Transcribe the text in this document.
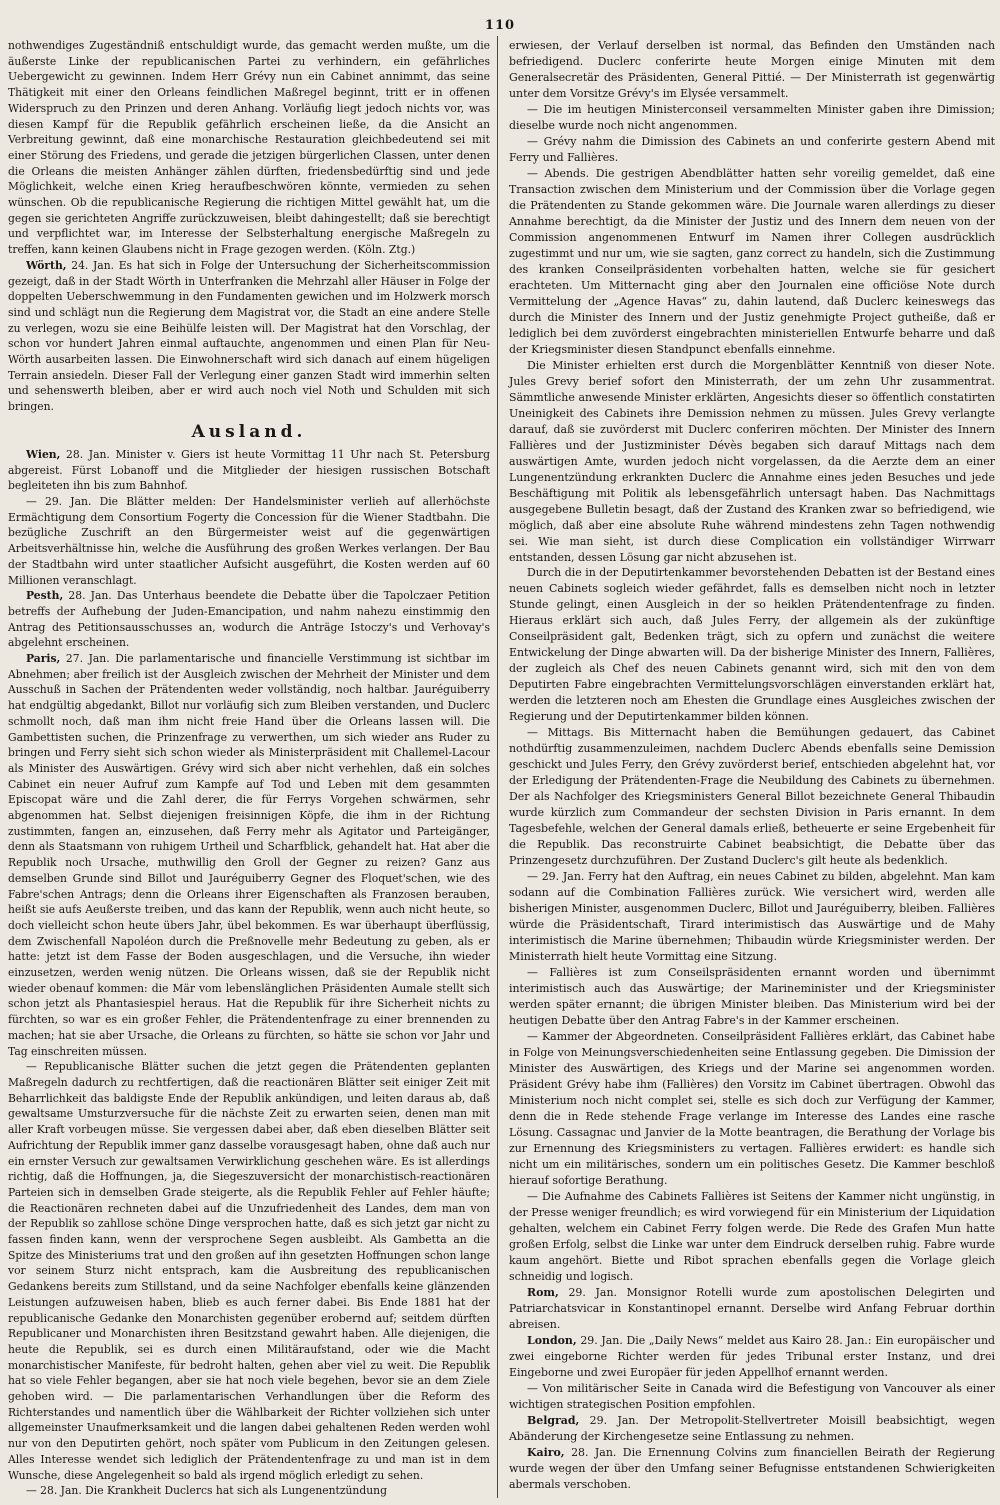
110

nothwendiges Zugeständniß entschuldigt wurde, das gemacht werden mußte, um die äußerste Linke der republicanischen Partei zu verhindern, ein gefährliches Uebergewicht zu gewinnen. Indem Herr Grévy nun ein Cabinet annimmt, das seine Thätigkeit mit einer den Orleans feindlichen Maßregel beginnt, tritt er in offenen Widerspruch zu den Prinzen und deren Anhang. Vorläufig liegt jedoch nichts vor, was diesen Kampf für die Republik gefährlich erscheinen ließe, da die Ansicht an Verbreitung gewinnt, daß eine monarchische Restauration gleichbedeutend sei mit einer Störung des Friedens, und gerade die jetzigen bürgerlichen Classen, unter denen die Orleans die meisten Anhänger zählen dürften, friedensbedürftig sind und jede Möglichkeit, welche einen Krieg heraufbeschwören könnte, vermieden zu sehen wünschen. Ob die republicanische Regierung die richtigen Mittel gewählt hat, um die gegen sie gerichteten Angriffe zurückzuweisen, bleibt dahingestellt; daß sie berechtigt und verpflichtet war, im Interesse der Selbsterhaltung energische Maßregeln zu treffen, kann keinen Glaubens nicht in Frage gezogen werden. (Köln. Ztg.)

Wörth, 24. Jan. Es hat sich in Folge der Untersuchung der Sicherheitscommission gezeigt, daß in der Stadt Wörth in Unterfranken die Mehrzahl aller Häuser in Folge der doppelten Ueberschwemmung in den Fundamenten gewichen und im Holzwerk morsch sind und schlägt nun die Regierung dem Magistrat vor, die Stadt an eine andere Stelle zu verlegen, wozu sie eine Beihülfe leisten will. Der Magistrat hat den Vorschlag, der schon vor hundert Jahren einmal auftauchte, angenommen und einen Plan für Neu-Wörth ausarbeiten lassen. Die Einwohnerschaft wird sich danach auf einem hügeligen Terrain ansiedeln. Dieser Fall der Verlegung einer ganzen Stadt wird immerhin selten und sehenswerth bleiben, aber er wird auch noch viel Noth und Schulden mit sich bringen.

Ausland.

Wien, 28. Jan. Minister v. Giers ist heute Vormittag 11 Uhr nach St. Petersburg abgereist. Fürst Lobanoff und die Mitglieder der hiesigen russischen Botschaft begleiteten ihn bis zum Bahnhof.

— 29. Jan. Die Blätter melden: Der Handelsminister verlieh auf allerhöchste Ermächtigung dem Consortium Fogerty die Concession für die Wiener Stadtbahn. Die bezügliche Zuschrift an den Bürgermeister weist auf die gegenwärtigen Arbeitsverhältnisse hin, welche die Ausführung des großen Werkes verlangen. Der Bau der Stadtbahn wird unter staatlicher Aufsicht ausgeführt, die Kosten werden auf 60 Millionen veranschlagt.

Pesth, 28. Jan. Das Unterhaus beendete die Debatte über die Tapolczaer Petition betreffs der Aufhebung der Juden-Emancipation, und nahm nahezu einstimmig den Antrag des Petitionsausschusses an, wodurch die Anträge Istoczy's und Verhovay's abgelehnt erscheinen.

Paris, 27. Jan. Die parlamentarische und financielle Verstimmung ist sichtbar im Abnehmen; aber freilich ist der Ausgleich zwischen der Mehrheit der Minister und dem Ausschuß in Sachen der Prätendenten weder vollständig, noch haltbar. Jauréguiberry hat endgültig abgedankt, Billot nur vorläufig sich zum Bleiben verstanden, und Duclerc schmollt noch, daß man ihm nicht freie Hand über die Orleans lassen will. Die Gambettisten suchen, die Prinzenfrage zu verwerthen, um sich wieder ans Ruder zu bringen und Ferry sieht sich schon wieder als Ministerpräsident mit Challemel-Lacour als Minister des Auswärtigen. Grévy wird sich aber nicht verhehlen, daß ein solches Cabinet ein neuer Aufruf zum Kampfe auf Tod und Leben mit dem gesammten Episcopat wäre und die Zahl derer, die für Ferrys Vorgehen schwärmen, sehr abgenommen hat. Selbst diejenigen freisinnigen Köpfe, die ihm in der Richtung zustimmten, fangen an, einzusehen, daß Ferry mehr als Agitator und Parteigänger, denn als Staatsmann von ruhigem Urtheil und Scharfblick, gehandelt hat. Hat aber die Republik noch Ursache, muthwillig den Groll der Gegner zu reizen? Ganz aus demselben Grunde sind Billot und Jauréguiberry Gegner des Floquet'schen, wie des Fabre'schen Antrags; denn die Orleans ihrer Eigenschaften als Franzosen berauben, heißt sie aufs Aeußerste treiben, und das kann der Republik, wenn auch nicht heute, so doch vielleicht schon heute übers Jahr, übel bekommen. Es war überhaupt überflüssig, dem Zwischenfall Napoléon durch die Preßnovelle mehr Bedeutung zu geben, als er hatte: jetzt ist dem Fasse der Boden ausgeschlagen, und die Versuche, ihn wieder einzusetzen, werden wenig nützen. Die Orleans wissen, daß sie der Republik nicht wieder obenauf kommen: die Mär vom lebenslänglichen Präsidenten Aumale stellt sich schon jetzt als Phantasiespiel heraus. Hat die Republik für ihre Sicherheit nichts zu fürchten, so war es ein großer Fehler, die Prätendentenfrage zu einer brennenden zu machen; hat sie aber Ursache, die Orleans zu fürchten, so hätte sie schon vor Jahr und Tag einschreiten müssen.

— Republicanische Blätter suchen die jetzt gegen die Prätendenten geplanten Maßregeln dadurch zu rechtfertigen, daß die reactionären Blätter seit einiger Zeit mit Beharrlichkeit das baldigste Ende der Republik ankündigen, und leiten daraus ab, daß gewaltsame Umsturzversuche für die nächste Zeit zu erwarten seien, denen man mit aller Kraft vorbeugen müsse. Sie vergessen dabei aber, daß eben dieselben Blätter seit Aufrichtung der Republik immer ganz dasselbe vorausgesagt haben, ohne daß auch nur ein ernster Versuch zur gewaltsamen Verwirklichung geschehen wäre. Es ist allerdings richtig, daß die Hoffnungen, ja, die Siegeszuversicht der monarchistisch-reactionären Parteien sich in demselben Grade steigerte, als die Republik Fehler auf Fehler häufte; die Reactionären rechneten dabei auf die Unzufriedenheit des Landes, dem man von der Republik so zahllose schöne Dinge versprochen hatte, daß es sich jetzt gar nicht zu fassen finden kann, wenn der versprochene Segen ausbleibt. Als Gambetta an die Spitze des Ministeriums trat und den großen auf ihn gesetzten Hoffnungen schon lange vor seinem Sturz nicht entsprach, kam die Ausbreitung des republicanischen Gedankens bereits zum Stillstand, und da seine Nachfolger ebenfalls keine glänzenden Leistungen aufzuweisen haben, blieb es auch ferner dabei. Bis Ende 1881 hat der republicanische Gedanke den Monarchisten gegenüber erobernd auf; seitdem dürften Republicaner und Monarchisten ihren Besitzstand gewahrt haben. Alle diejenigen, die heute die Republik, sei es durch einen Militäraufstand, oder wie die Macht monarchistischer Manifeste, für bedroht halten, gehen aber viel zu weit. Die Republik hat so viele Fehler begangen, aber sie hat noch viele begehen, bevor sie an dem Ziele gehoben wird. — Die parlamentarischen Verhandlungen über die Reform des Richterstandes und namentlich über die Wählbarkeit der Richter vollziehen sich unter allgemeinster Unaufmerksamkeit und die langen dabei gehaltenen Reden werden wohl nur von den Deputirten gehört, noch später vom Publicum in den Zeitungen gelesen. Alles Interesse wendet sich lediglich der Prätendentenfrage zu und man ist in dem Wunsche, diese Angelegenheit so bald als irgend möglich erledigt zu sehen.

— 28. Jan. Die Krankheit Duclercs hat sich als Lungenentzündung

erwiesen, der Verlauf derselben ist normal, das Befinden den Umständen nach befriedigend. Duclerc conferirte heute Morgen einige Minuten mit dem Generalsecretär des Präsidenten, General Pittié. — Der Ministerrath ist gegenwärtig unter dem Vorsitze Grévy's im Elysée versammelt.

— Die im heutigen Ministerconseil versammelten Minister gaben ihre Dimission; dieselbe wurde noch nicht angenommen.

— Grévy nahm die Dimission des Cabinets an und conferirte gestern Abend mit Ferry und Fallières.

— Abends. Die gestrigen Abendblätter hatten sehr voreilig gemeldet, daß eine Transaction zwischen dem Ministerium und der Commission über die Vorlage gegen die Prätendenten zu Stande gekommen wäre. Die Journale waren allerdings zu dieser Annahme berechtigt, da die Minister der Justiz und des Innern dem neuen von der Commission angenommenen Entwurf im Namen ihrer Collegen ausdrücklich zugestimmt und nur um, wie sie sagten, ganz correct zu handeln, sich die Zustimmung des kranken Conseilpräsidenten vorbehalten hatten, welche sie für gesichert erachteten. Um Mitternacht ging aber den Journalen eine officiöse Note durch Vermittelung der „Agence Havas“ zu, dahin lautend, daß Duclerc keineswegs das durch die Minister des Innern und der Justiz genehmigte Project gutheiße, daß er lediglich bei dem zuvörderst eingebrachten ministeriellen Entwurfe beharre und daß der Kriegsminister diesen Standpunct ebenfalls einnehme.

Die Minister erhielten erst durch die Morgenblätter Kenntniß von dieser Note. Jules Grevy berief sofort den Ministerrath, der um zehn Uhr zusammentrat. Sämmtliche anwesende Minister erklärten, Angesichts dieser so öffentlich constatirten Uneinigkeit des Cabinets ihre Demission nehmen zu müssen. Jules Grevy verlangte darauf, daß sie zuvörderst mit Duclerc conferiren möchten. Der Minister des Innern Fallières und der Justizminister Dévès begaben sich darauf Mittags nach dem auswärtigen Amte, wurden jedoch nicht vorgelassen, da die Aerzte dem an einer Lungenentzündung erkrankten Duclerc die Annahme eines jeden Besuches und jede Beschäftigung mit Politik als lebensgefährlich untersagt haben. Das Nachmittags ausgegebene Bulletin besagt, daß der Zustand des Kranken zwar so befriedigend, wie möglich, daß aber eine absolute Ruhe während mindestens zehn Tagen nothwendig sei. Wie man sieht, ist durch diese Complication ein vollständiger Wirrwarr entstanden, dessen Lösung gar nicht abzusehen ist.

Durch die in der Deputirtenkammer bevorstehenden Debatten ist der Bestand eines neuen Cabinets sogleich wieder gefährdet, falls es demselben nicht noch in letzter Stunde gelingt, einen Ausgleich in der so heiklen Prätendentenfrage zu finden. Hieraus erklärt sich auch, daß Jules Ferry, der allgemein als der zukünftige Conseilpräsident galt, Bedenken trägt, sich zu opfern und zunächst die weitere Entwickelung der Dinge abwarten will. Da der bisherige Minister des Innern, Fallières, der zugleich als Chef des neuen Cabinets genannt wird, sich mit den von dem Deputirten Fabre eingebrachten Vermittelungsvorschlägen einverstanden erklärt hat, werden die letzteren noch am Ehesten die Grundlage eines Ausgleiches zwischen der Regierung und der Deputirtenkammer bilden können.

— Mittags. Bis Mitternacht haben die Bemühungen gedauert, das Cabinet nothdürftig zusammenzuleimen, nachdem Duclerc Abends ebenfalls seine Demission geschickt und Jules Ferry, den Grévy zuvörderst berief, entschieden abgelehnt hat, vor der Erledigung der Prätendenten-Frage die Neubildung des Cabinets zu übernehmen. Der als Nachfolger des Kriegsministers General Billot bezeichnete General Thibaudin wurde kürzlich zum Commandeur der sechsten Division in Paris ernannt. In dem Tagesbefehle, welchen der General damals erließ, betheuerte er seine Ergebenheit für die Republik. Das reconstruirte Cabinet beabsichtigt, die Debatte über das Prinzengesetz durchzuführen. Der Zustand Duclerc's gilt heute als bedenklich.

— 29. Jan. Ferry hat den Auftrag, ein neues Cabinet zu bilden, abgelehnt. Man kam sodann auf die Combination Fallières zurück. Wie versichert wird, werden alle bisherigen Minister, ausgenommen Duclerc, Billot und Jauréguiberry, bleiben. Fallières würde die Präsidentschaft, Tirard interimistisch das Auswärtige und de Mahy interimistisch die Marine übernehmen; Thibaudin würde Kriegsminister werden. Der Ministerrath hielt heute Vormittag eine Sitzung.

— Fallières ist zum Conseilspräsidenten ernannt worden und übernimmt interimistisch auch das Auswärtige; der Marineminister und der Kriegsminister werden später ernannt; die übrigen Minister bleiben. Das Ministerium wird bei der heutigen Debatte über den Antrag Fabre's in der Kammer erscheinen.

— Kammer der Abgeordneten. Conseilpräsident Fallières erklärt, das Cabinet habe in Folge von Meinungsverschiedenheiten seine Entlassung gegeben. Die Dimission der Minister des Auswärtigen, des Kriegs und der Marine sei angenommen worden. Präsident Grévy habe ihm (Fallières) den Vorsitz im Cabinet übertragen. Obwohl das Ministerium noch nicht complet sei, stelle es sich doch zur Verfügung der Kammer, denn die in Rede stehende Frage verlange im Interesse des Landes eine rasche Lösung. Cassagnac und Janvier de la Motte beantragen, die Berathung der Vorlage bis zur Ernennung des Kriegsministers zu vertagen. Fallières erwidert: es handle sich nicht um ein militärisches, sondern um ein politisches Gesetz. Die Kammer beschloß hierauf sofortige Berathung.

— Die Aufnahme des Cabinets Fallières ist Seitens der Kammer nicht ungünstig, in der Presse weniger freundlich; es wird vorwiegend für ein Ministerium der Liquidation gehalten, welchem ein Cabinet Ferry folgen werde. Die Rede des Grafen Mun hatte großen Erfolg, selbst die Linke war unter dem Eindruck derselben ruhig. Fabre wurde kaum angehört. Biette und Ribot sprachen ebenfalls gegen die Vorlage gleich schneidig und logisch.

Rom, 29. Jan. Monsignor Rotelli wurde zum apostolischen Delegirten und Patriarchatsvicar in Konstantinopel ernannt. Derselbe wird Anfang Februar dorthin abreisen.

London, 29. Jan. Die „Daily News“ meldet aus Kairo 28. Jan.: Ein europäischer und zwei eingeborne Richter werden für jedes Tribunal erster Instanz, und drei Eingeborne und zwei Europäer für jeden Appellhof ernannt werden.

— Von militärischer Seite in Canada wird die Befestigung von Vancouver als einer wichtigen strategischen Position empfohlen.

Belgrad, 29. Jan. Der Metropolit-Stellvertreter Moisill beabsichtigt, wegen Abänderung der Kirchengesetze seine Entlassung zu nehmen.

Kairo, 28. Jan. Die Ernennung Colvins zum financiellen Beirath der Regierung wurde wegen der über den Umfang seiner Befugnisse entstandenen Schwierigkeiten abermals verschoben.
